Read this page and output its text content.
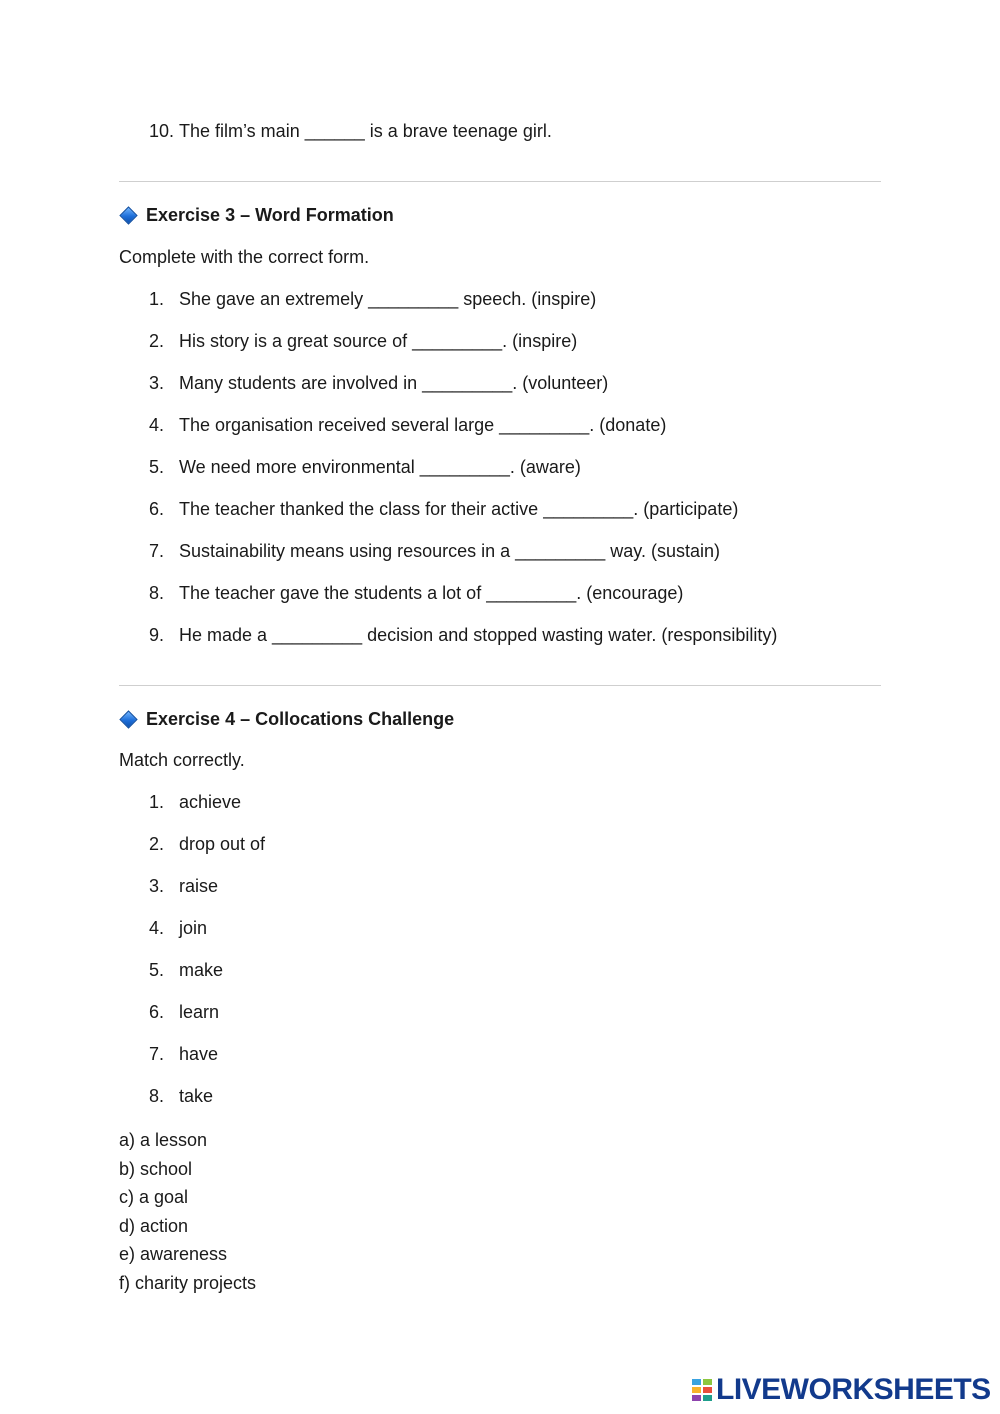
10. The film’s main ______ is a brave teenage girl.
Exercise 3 – Word Formation
Complete with the correct form.
1. She gave an extremely _________ speech. (inspire)
2. His story is a great source of _________. (inspire)
3. Many students are involved in _________. (volunteer)
4. The organisation received several large _________. (donate)
5. We need more environmental _________. (aware)
6. The teacher thanked the class for their active _________. (participate)
7. Sustainability means using resources in a _________ way. (sustain)
8. The teacher gave the students a lot of _________. (encourage)
9. He made a _________ decision and stopped wasting water. (responsibility)
Exercise 4 – Collocations Challenge
Match correctly.
1. achieve
2. drop out of
3. raise
4. join
5. make
6. learn
7. have
8. take
a) a lesson
b) school
c) a goal
d) action
e) awareness
f) charity projects
LIVEWORKSHEETS
